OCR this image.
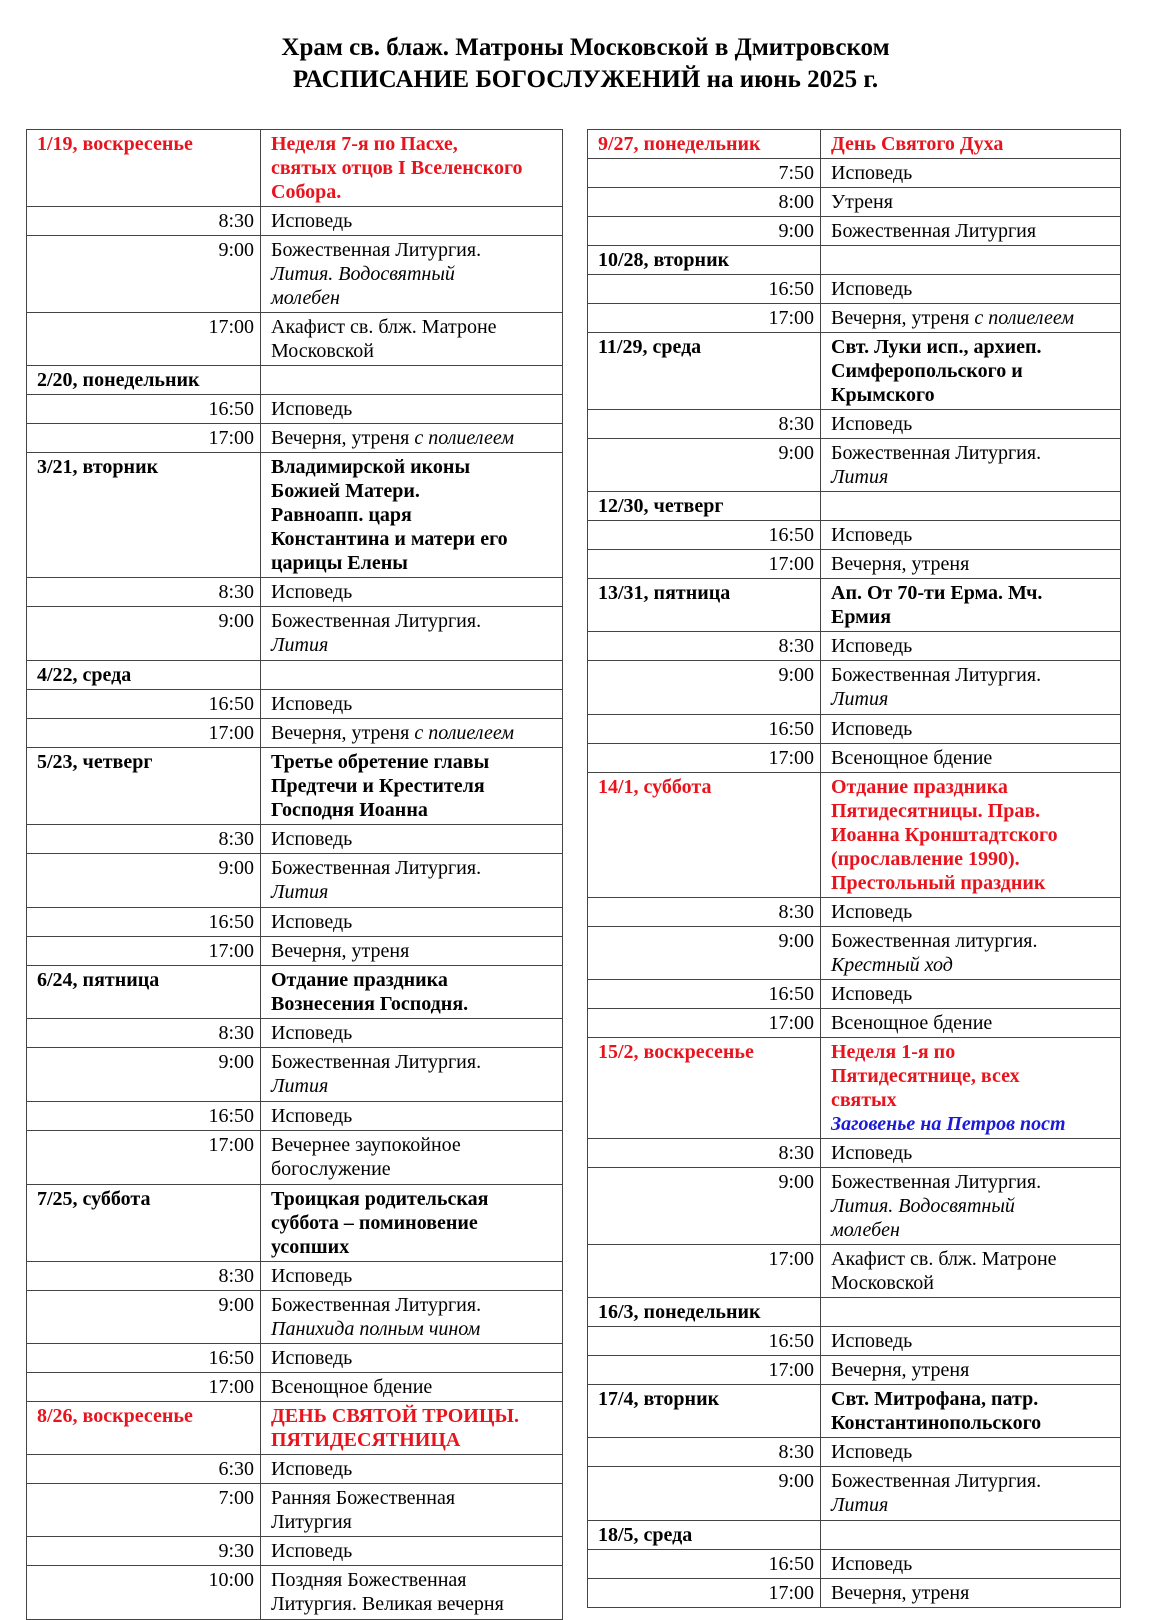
Храм св. блаж. Матроны Московской в Дмитровском
РАСПИСАНИЕ БОГОСЛУЖЕНИЙ на июнь 2025 г.
1/19, воскресенье	Неделя 7-я по Пасхе,
святых отцов I Вселенского
Собора.

8:30	Исповедь

9:00	Божественная Литургия.
Лития. Водосвятный
молебен

17:00	Акафист св. блж. Матроне
Московской

2/20, понедельник	
16:50	Исповедь

17:00	Вечерня, утреня с полиелеем

3/21, вторник	Владимирской иконы
Божией Матери.
Равноапп. царя
Константина и матери его
царицы Елены

8:30	Исповедь

9:00	Божественная Литургия.
Лития

4/22, среда	
16:50	Исповедь

17:00	Вечерня, утреня с полиелеем

5/23, четверг	Третье обретение главы
Предтечи и Крестителя
Господня Иоанна

8:30	Исповедь

9:00	Божественная Литургия.
Лития

16:50	Исповедь

17:00	Вечерня, утреня

6/24, пятница	Отдание праздника
Вознесения Господня.

8:30	Исповедь

9:00	Божественная Литургия.
Лития

16:50	Исповедь

17:00	Вечернее заупокойное
богослужение

7/25, суббота	Троицкая родительская
суббота – поминовение
усопших

8:30	Исповедь

9:00	Божественная Литургия.
Панихида полным чином

16:50	Исповедь

17:00	Всенощное бдение

8/26, воскресенье	ДЕНЬ СВЯТОЙ ТРОИЦЫ.
ПЯТИДЕСЯТНИЦА

6:30	Исповедь

7:00	Ранняя Божественная
Литургия

9:30	Исповедь

10:00	Поздняя Божественная
Литургия. Великая вечерня
9/27, понедельник	День Святого Духа

7:50	Исповедь

8:00	Утреня

9:00	Божественная Литургия

10/28, вторник	
16:50	Исповедь

17:00	Вечерня, утреня с полиелеем

11/29, среда	Свт. Луки исп., архиеп.
Симферопольского и
Крымского

8:30	Исповедь

9:00	Божественная Литургия.
Лития

12/30, четверг	
16:50	Исповедь

17:00	Вечерня, утреня

13/31, пятница	Ап. От 70-ти Ерма. Мч.
Ермия

8:30	Исповедь

9:00	Божественная Литургия.
Лития

16:50	Исповедь

17:00	Всенощное бдение

14/1, суббота	Отдание праздника
Пятидесятницы. Прав.
Иоанна Кронштадтского
(прославление 1990).
Престольный праздник

8:30	Исповедь

9:00	Божественная литургия.
Крестный ход

16:50	Исповедь

17:00	Всенощное бдение

15/2, воскресенье	Неделя 1-я по
Пятидесятнице, всех
святых
Заговенье на Петров пост

8:30	Исповедь

9:00	Божественная Литургия.
Лития. Водосвятный
молебен

17:00	Акафист св. блж. Матроне
Московской

16/3, понедельник	
16:50	Исповедь

17:00	Вечерня, утреня

17/4, вторник	Свт. Митрофана, патр.
Константинопольского

8:30	Исповедь

9:00	Божественная Литургия.
Лития

18/5, среда	
16:50	Исповедь

17:00	Вечерня, утреня
